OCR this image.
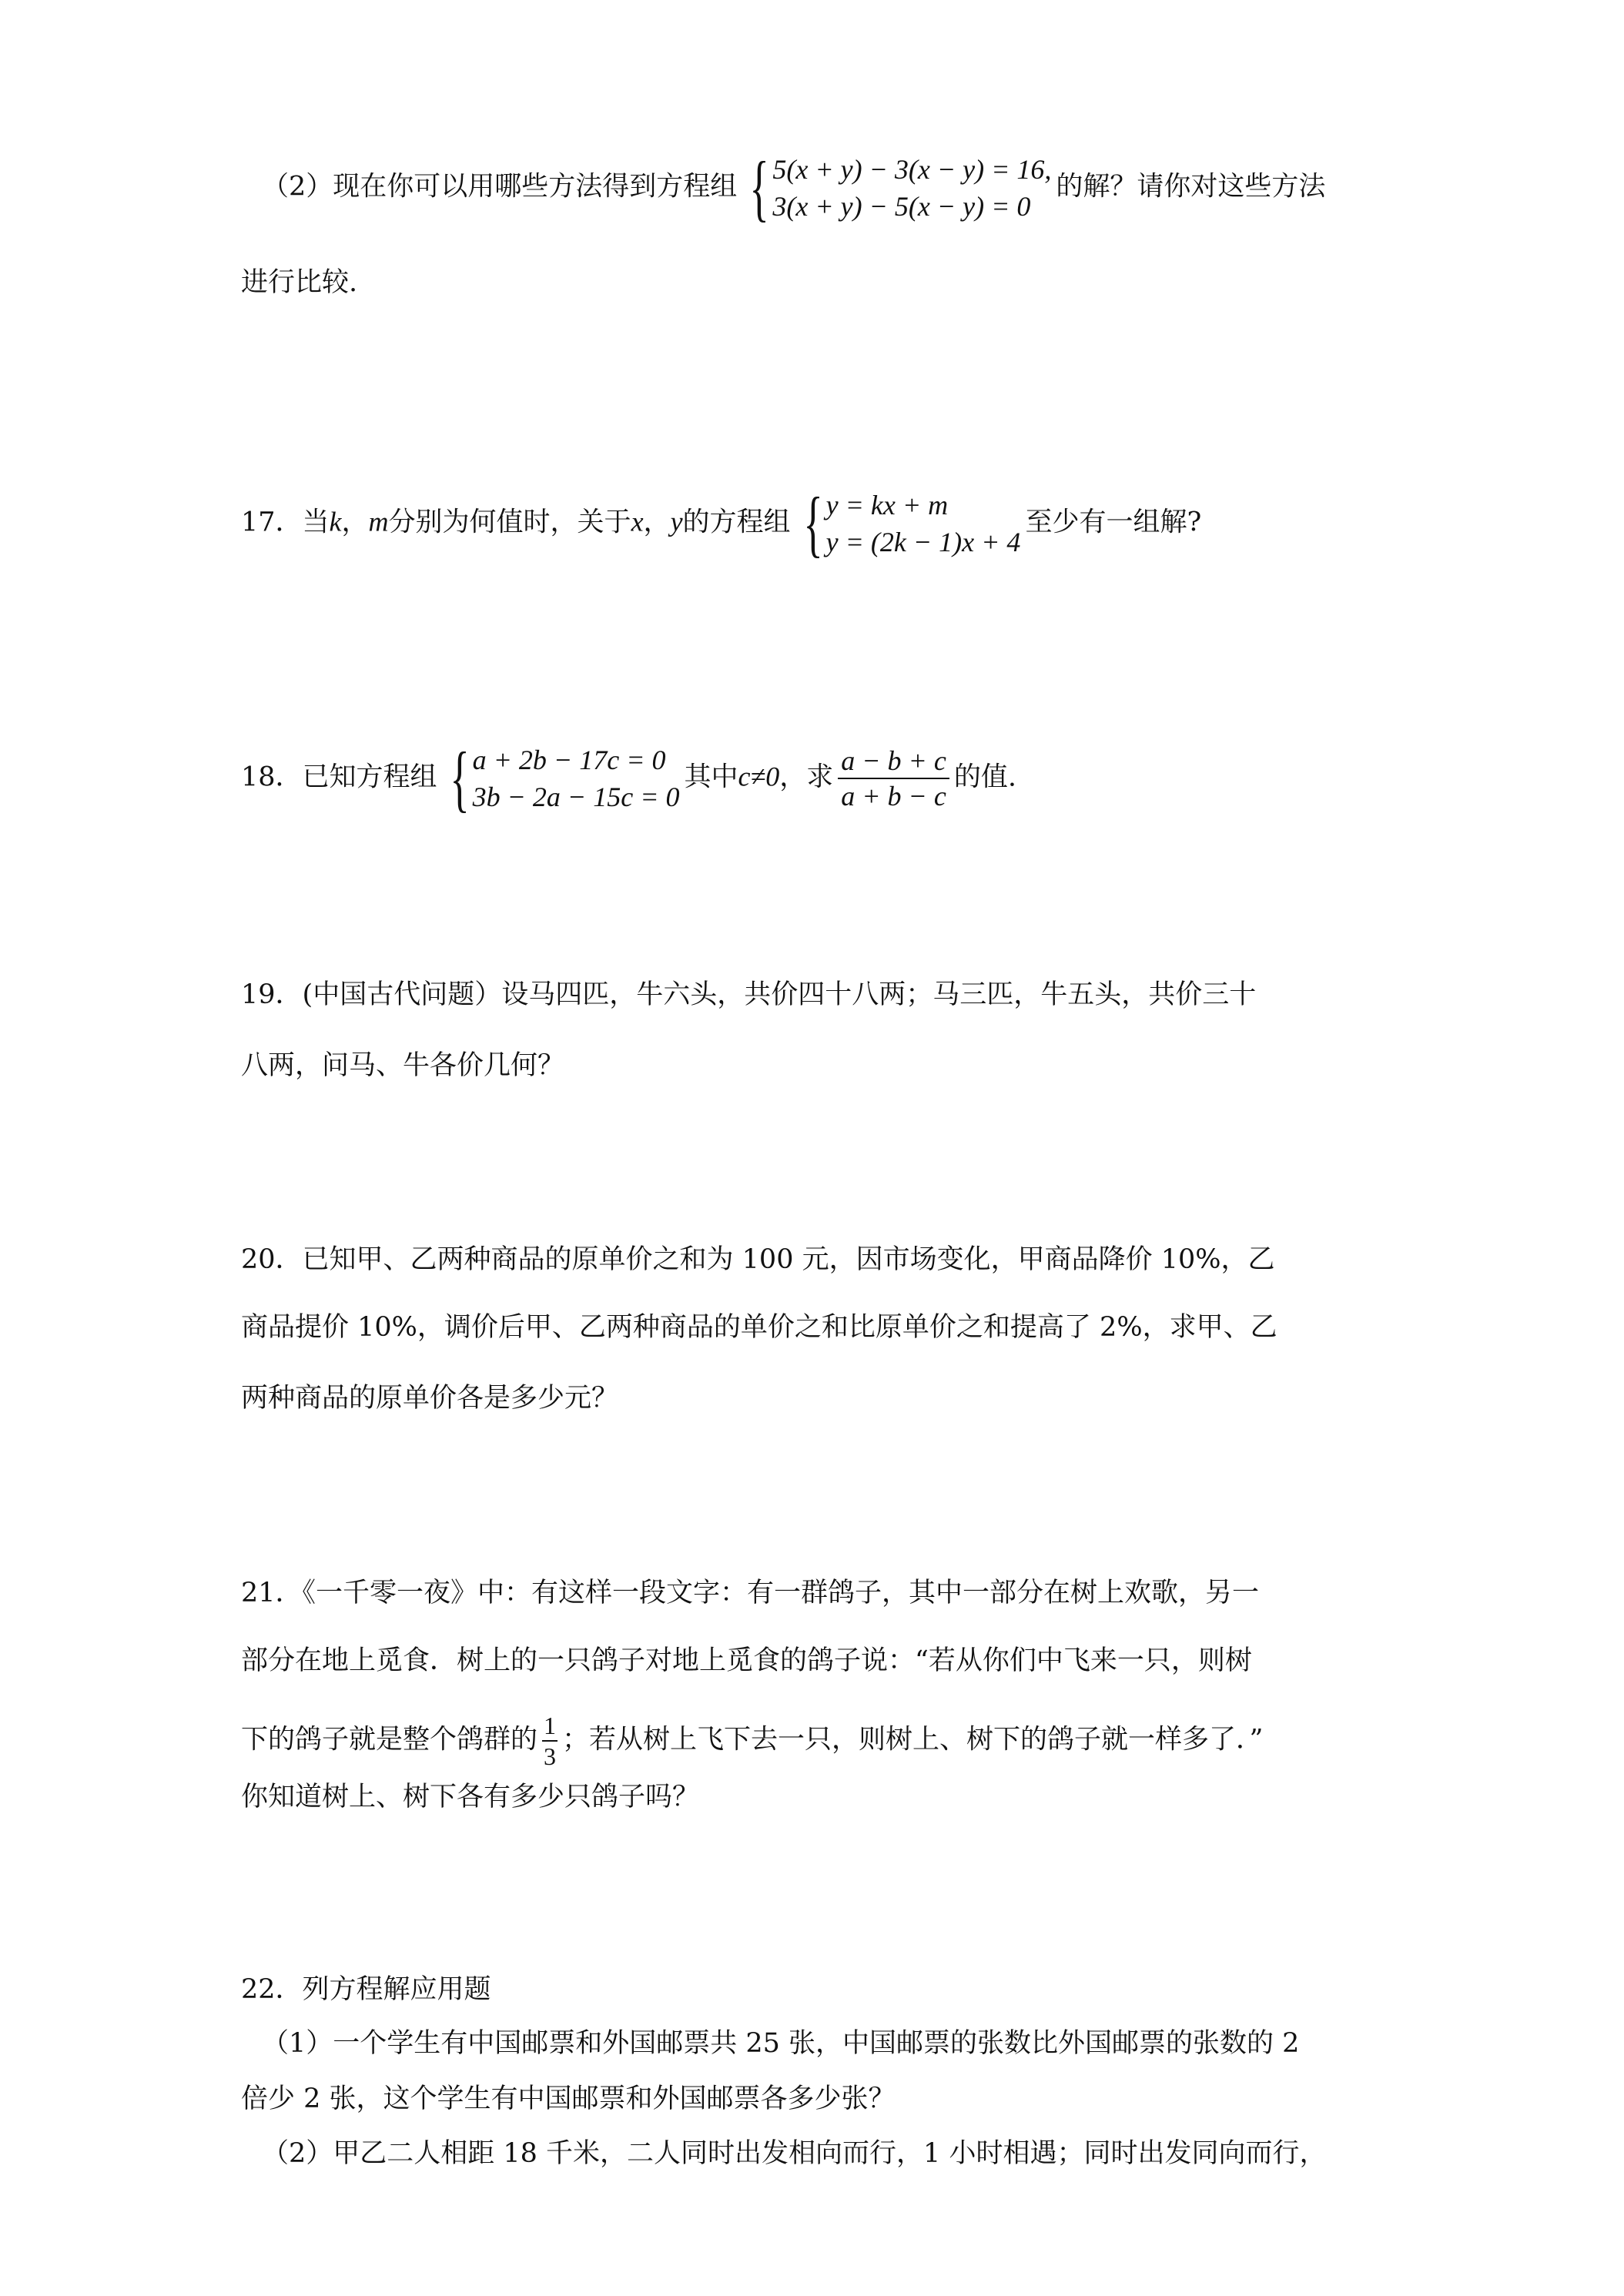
（2）现在你可以用哪些方法得到方程组 { 5(x + y) − 3(x − y) = 16,
3(x + y) − 5(x − y) = 0
的解？请你对这些方法
进行比较.
17．当k，m分别为何值时，关于x，y的方程组 { y = kx + m
y = (2k − 1)x + 4
至少有一组解?
18．已知方程组 { a + 2b − 17c = 0
3b − 2a − 15c = 0
其中c≠0，求 $\frac{a - b + c}{a + b - c}$ 的值.
19．(中国古代问题）设马四匹，牛六头，共价四十八两；马三匹，牛五头，共价三十
八两，问马、牛各价几何？
20．已知甲、乙两种商品的原单价之和为 100 元，因市场变化，甲商品降价 10%，乙
商品提价 10%，调价后甲、乙两种商品的单价之和比原单价之和提高了 2%，求甲、乙
两种商品的原单价各是多少元？
21．《一千零一夜》中：有这样一段文字：有一群鸽子，其中一部分在树上欢歌，另一
部分在地上觅食．树上的一只鸽子对地上觅食的鸽子说：“若从你们中飞来一只，则树
下的鸽子就是整个鸽群的 $\frac{1}{3}$ ；若从树上飞下去一只，则树上、树下的鸽子就一样多了．”
你知道树上、树下各有多少只鸽子吗？
22．列方程解应用题
（1）一个学生有中国邮票和外国邮票共 25 张，中国邮票的张数比外国邮票的张数的 2
倍少 2 张，这个学生有中国邮票和外国邮票各多少张？
（2）甲乙二人相距 18 千米，二人同时出发相向而行，1 小时相遇；同时出发同向而行，
